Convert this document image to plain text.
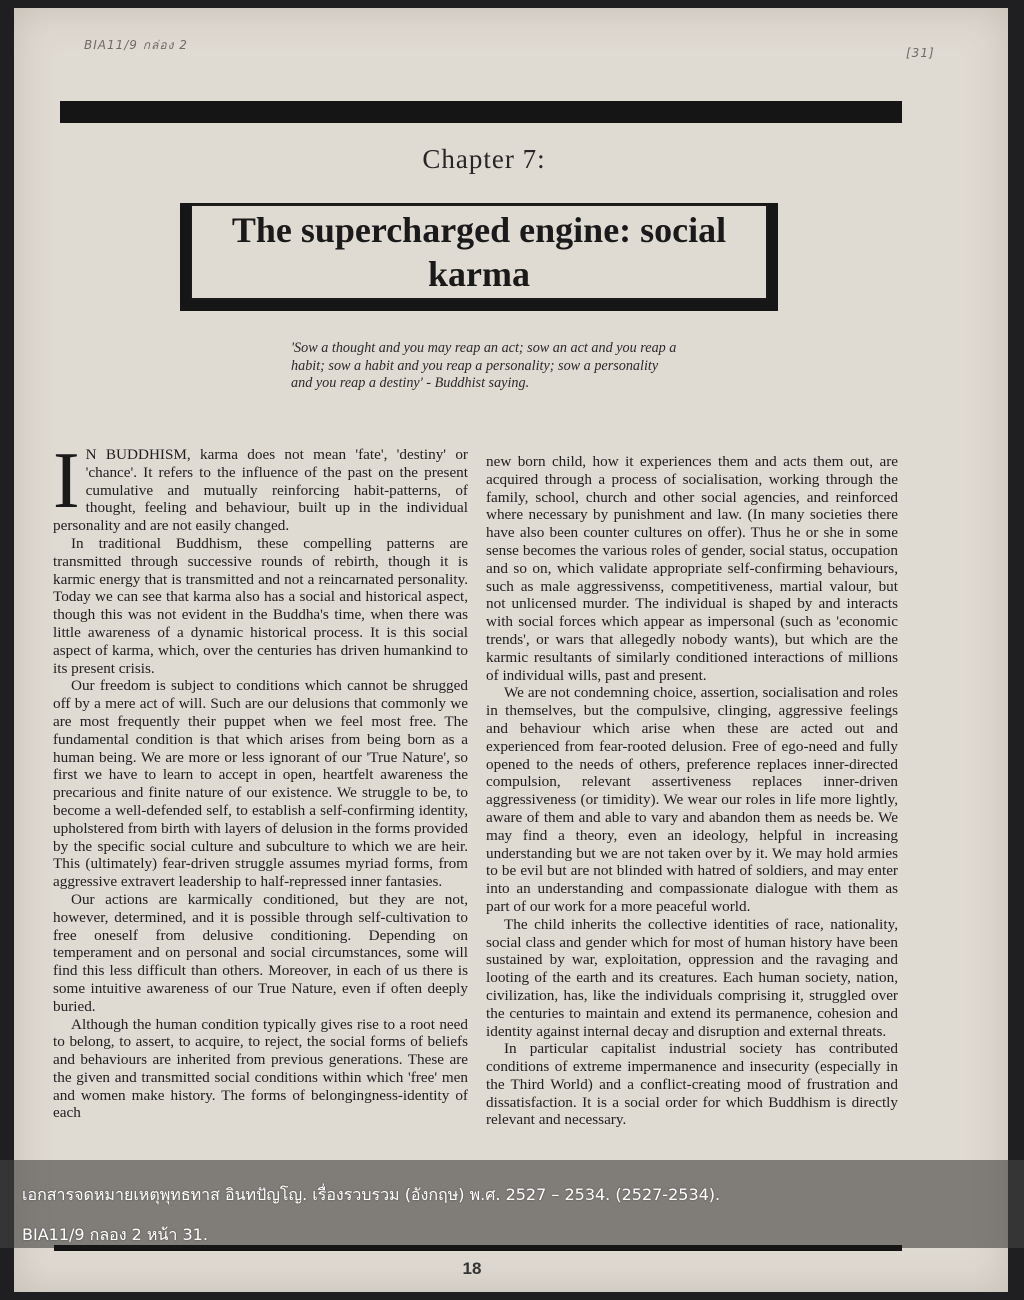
BIA11/9 กล่อง 2
[31]
Chapter 7:
The supercharged engine: social karma
'Sow a thought and you may reap an act; sow an act and you reap a habit; sow a habit and you reap a personality; sow a personality and you reap a destiny' - Buddhist saying.

I N BUDDHISM, karma does not mean 'fate', 'destiny' or 'chance'. It refers to the influence of the past on the present cumulative and mutually reinforcing habit-patterns, of thought, feeling and behaviour, built up in the individual personality and are not easily changed.

In traditional Buddhism, these compelling patterns are transmitted through successive rounds of rebirth, though it is karmic energy that is transmitted and not a reincarnated personality. Today we can see that karma also has a social and historical aspect, though this was not evident in the Buddha's time, when there was little awareness of a dynamic historical process. It is this social aspect of karma, which, over the centuries has driven humankind to its present crisis.

Our freedom is subject to conditions which cannot be shrugged off by a mere act of will. Such are our delusions that commonly we are most frequently their puppet when we feel most free. The fundamental condition is that which arises from being born as a human being. We are more or less ignorant of our 'True Nature', so first we have to learn to accept in open, heartfelt awareness the precarious and finite nature of our existence. We struggle to be, to become a well-defended self, to establish a self-confirming identity, upholstered from birth with layers of delusion in the forms provided by the specific social culture and subculture to which we are heir. This (ultimately) fear-driven struggle assumes myriad forms, from aggressive extravert leadership to half-repressed inner fantasies.

Our actions are karmically conditioned, but they are not, however, determined, and it is possible through self-cultivation to free oneself from delusive conditioning. Depending on temperament and on personal and social circumstances, some will find this less difficult than others. Moreover, in each of us there is some intuitive awareness of our True Nature, even if often deeply buried.

Although the human condition typically gives rise to a root need to belong, to assert, to acquire, to reject, the social forms of beliefs and behaviours are inherited from previous generations. These are the given and transmitted social conditions within which 'free' men and women make history. The forms of belongingness-identity of each

new born child, how it experiences them and acts them out, are acquired through a process of socialisation, working through the family, school, church and other social agencies, and reinforced where necessary by punishment and law. (In many societies there have also been counter cultures on offer). Thus he or she in some sense becomes the various roles of gender, social status, occupation and so on, which validate appropriate self-confirming behaviours, such as male aggressivenss, competitiveness, martial valour, but not unlicensed murder. The individual is shaped by and interacts with social forces which appear as impersonal (such as 'economic trends', or wars that allegedly nobody wants), but which are the karmic resultants of similarly conditioned interactions of millions of individual wills, past and present.

We are not condemning choice, assertion, socialisation and roles in themselves, but the compulsive, clinging, aggressive feelings and behaviour which arise when these are acted out and experienced from fear-rooted delusion. Free of ego-need and fully opened to the needs of others, preference replaces inner-directed compulsion, relevant assertiveness replaces inner-driven aggressiveness (or timidity). We wear our roles in life more lightly, aware of them and able to vary and abandon them as needs be. We may find a theory, even an ideology, helpful in increasing understanding but we are not taken over by it. We may hold armies to be evil but are not blinded with hatred of soldiers, and may enter into an understanding and compassionate dialogue with them as part of our work for a more peaceful world.

The child inherits the collective identities of race, nationality, social class and gender which for most of human history have been sustained by war, exploitation, oppression and the ravaging and looting of the earth and its creatures. Each human society, nation, civilization, has, like the individuals comprising it, struggled over the centuries to maintain and extend its permanence, cohesion and identity against internal decay and disruption and external threats.

In particular capitalist industrial society has contributed conditions of extreme impermanence and insecurity (especially in the Third World) and a conflict-creating mood of frustration and dissatisfaction. It is a social order for which Buddhism is directly relevant and necessary.

เอกสารจดหมายเหตุพุทธทาส อินทปัญโญ. เรื่องรวบรวม (อังกฤษ) พ.ศ. 2527 – 2534. (2527-2534).
BIA11/9 กลอง 2 หน้า 31.
18
